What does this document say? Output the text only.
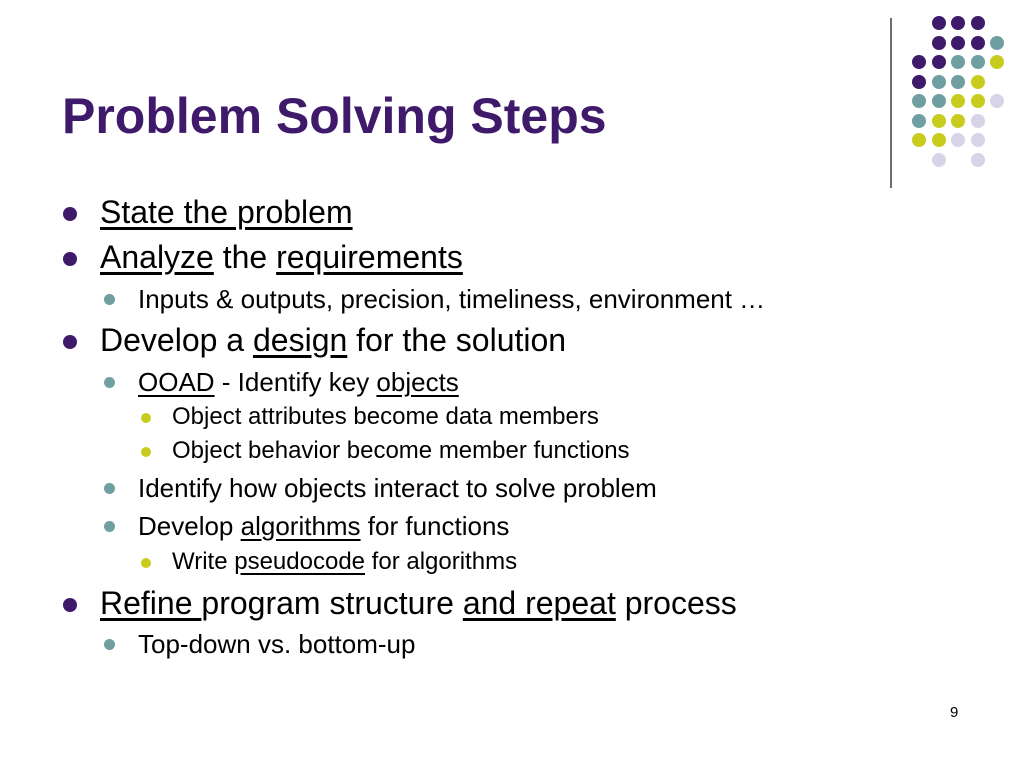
Problem Solving Steps
State the problem
Analyze the requirements
Inputs & outputs, precision, timeliness, environment …
Develop a design for the solution
OOAD - Identify key objects
Object attributes become data members
Object behavior become member functions
Identify how objects interact to solve problem
Develop algorithms for functions
Write pseudocode for algorithms
Refine program structure and repeat process
Top-down vs. bottom-up
9
